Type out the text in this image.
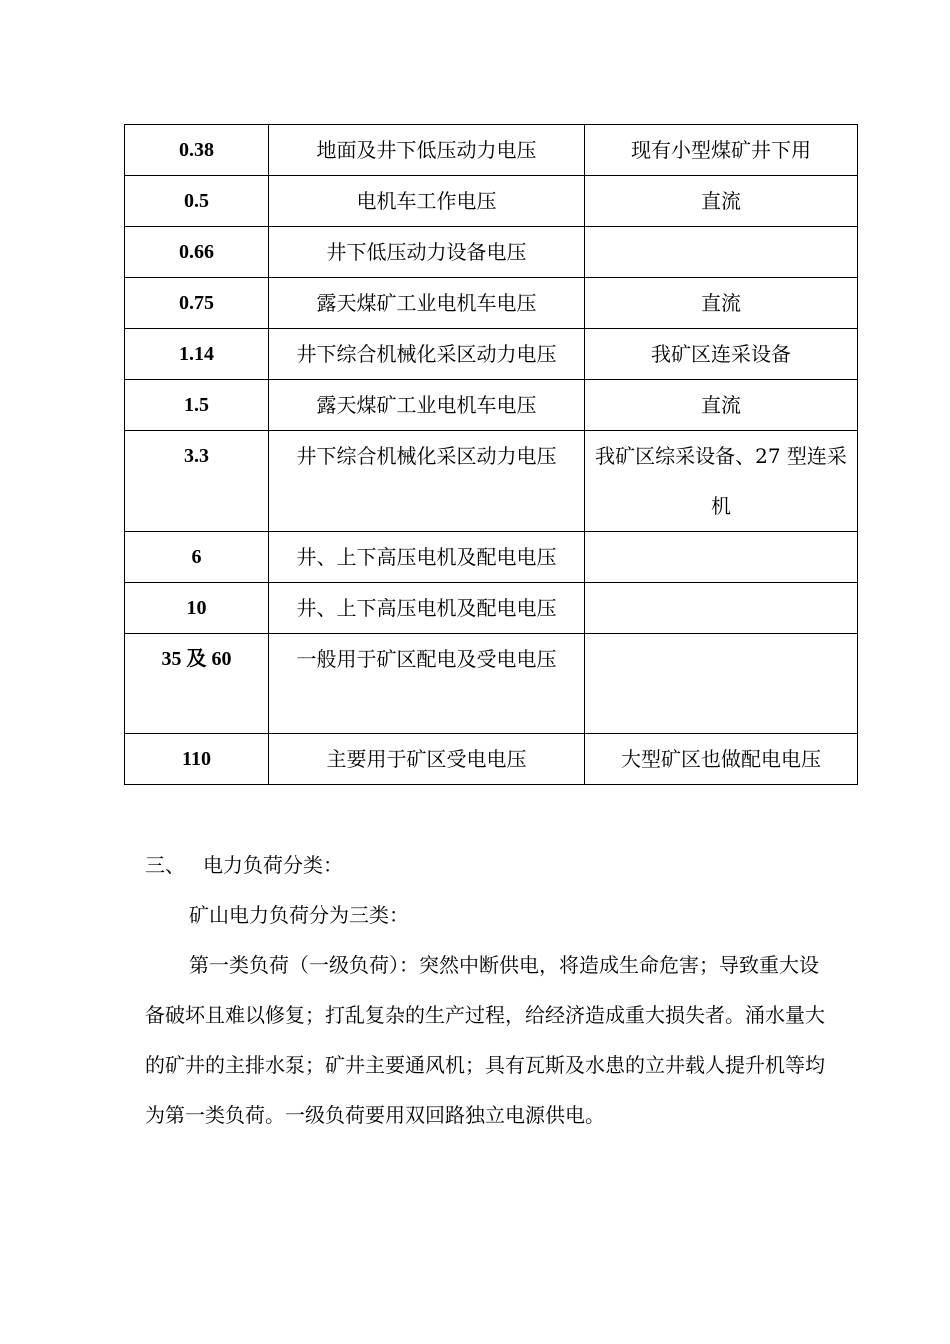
0.38	地面及井下低压动力电压	现有小型煤矿井下用
0.5	电机车工作电压	直流
0.66	井下低压动力设备电压	
0.75	露天煤矿工业电机车电压	直流
1.14	井下综合机械化采区动力电压	我矿区连采设备
1.5	露天煤矿工业电机车电压	直流
3.3	井下综合机械化采区动力电压	我矿区综采设备、27 型连采机
6	井、上下高压电机及配电电压	
10	井、上下高压电机及配电电压	
35 及 60	一般用于矿区配电及受电电压	
110	主要用于矿区受电电压	大型矿区也做配电电压

三、 电力负荷分类：

矿山电力负荷分为三类：

第一类负荷（一级负荷）：突然中断供电，将造成生命危害；导致重大设备破坏且难以修复；打乱复杂的生产过程，给经济造成重大损失者。涌水量大的矿井的主排水泵；矿井主要通风机；具有瓦斯及水患的立井载人提升机等均为第一类负荷。一级负荷要用双回路独立电源供电。
